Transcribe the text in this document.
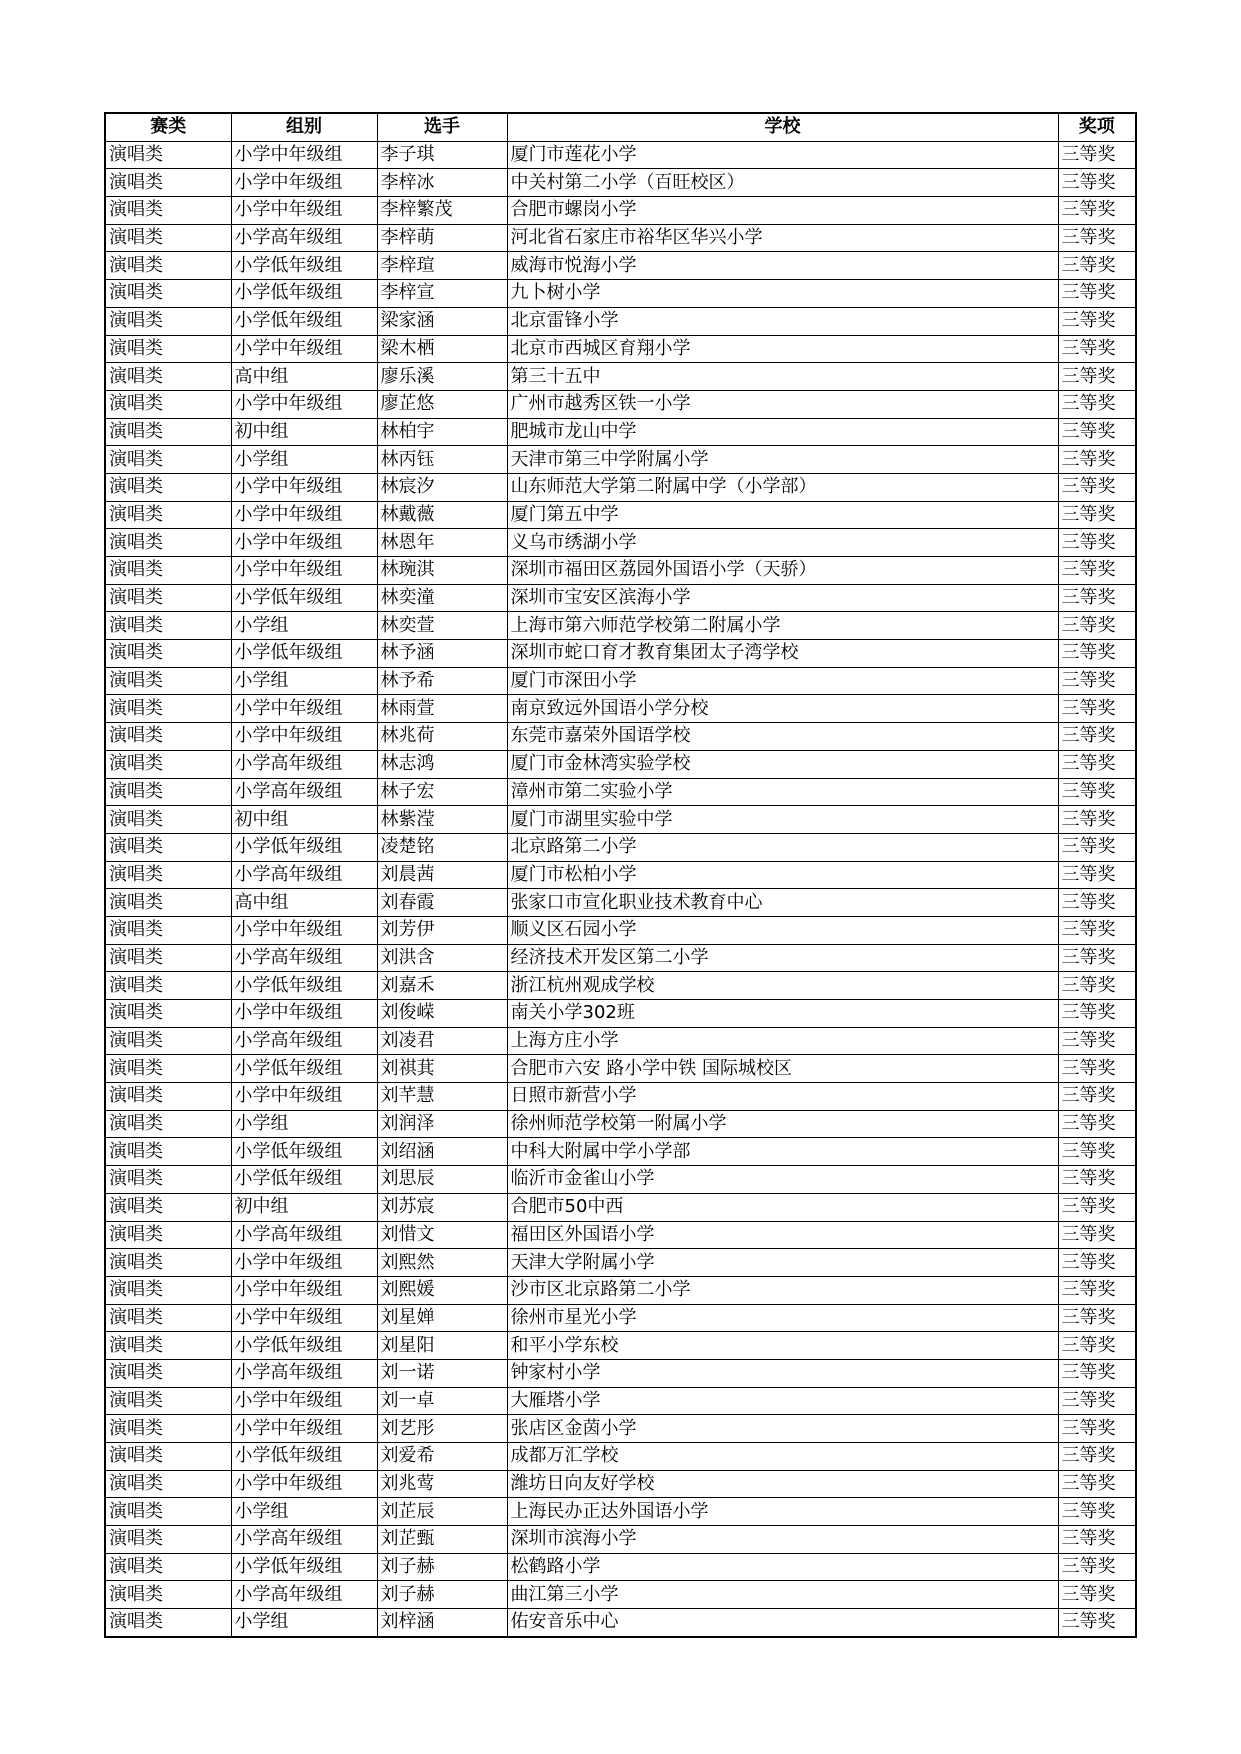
赛类	组别	选手	学校	奖项
演唱类	小学中年级组	李子琪	厦门市莲花小学	三等奖
演唱类	小学中年级组	李梓冰	中关村第二小学（百旺校区）	三等奖
演唱类	小学中年级组	李梓繁茂	合肥市螺岗小学	三等奖
演唱类	小学高年级组	李梓萌	河北省石家庄市裕华区华兴小学	三等奖
演唱类	小学低年级组	李梓瑄	威海市悦海小学	三等奖
演唱类	小学低年级组	李梓宣	九卜树小学	三等奖
演唱类	小学低年级组	梁家涵	北京雷锋小学	三等奖
演唱类	小学中年级组	梁木栖	北京市西城区育翔小学	三等奖
演唱类	高中组	廖乐溪	第三十五中	三等奖
演唱类	小学中年级组	廖芷悠	广州市越秀区铁一小学	三等奖
演唱类	初中组	林柏宇	肥城市龙山中学	三等奖
演唱类	小学组	林丙钰	天津市第三中学附属小学	三等奖
演唱类	小学中年级组	林宸汐	山东师范大学第二附属中学（小学部）	三等奖
演唱类	小学中年级组	林戴薇	厦门第五中学	三等奖
演唱类	小学中年级组	林恩年	义乌市绣湖小学	三等奖
演唱类	小学中年级组	林琬淇	深圳市福田区荔园外国语小学（天骄）	三等奖
演唱类	小学低年级组	林奕潼	深圳市宝安区滨海小学	三等奖
演唱类	小学组	林奕萱	上海市第六师范学校第二附属小学	三等奖
演唱类	小学低年级组	林予涵	深圳市蛇口育才教育集团太子湾学校	三等奖
演唱类	小学组	林予希	厦门市深田小学	三等奖
演唱类	小学中年级组	林雨萱	南京致远外国语小学分校	三等奖
演唱类	小学中年级组	林兆荷	东莞市嘉荣外国语学校	三等奖
演唱类	小学高年级组	林志鸿	厦门市金林湾实验学校	三等奖
演唱类	小学高年级组	林子宏	漳州市第二实验小学	三等奖
演唱类	初中组	林紫滢	厦门市湖里实验中学	三等奖
演唱类	小学低年级组	凌楚铭	北京路第二小学	三等奖
演唱类	小学高年级组	刘晨茜	厦门市松柏小学	三等奖
演唱类	高中组	刘春霞	张家口市宣化职业技术教育中心	三等奖
演唱类	小学中年级组	刘芳伊	顺义区石园小学	三等奖
演唱类	小学高年级组	刘洪含	经济技术开发区第二小学	三等奖
演唱类	小学低年级组	刘嘉禾	浙江杭州观成学校	三等奖
演唱类	小学中年级组	刘俊嵘	南关小学302班	三等奖
演唱类	小学高年级组	刘凌君	上海方庄小学	三等奖
演唱类	小学低年级组	刘祺萁	合肥市六安 路小学中铁 国际城校区	三等奖
演唱类	小学中年级组	刘芊慧	日照市新营小学	三等奖
演唱类	小学组	刘润泽	徐州师范学校第一附属小学	三等奖
演唱类	小学低年级组	刘绍涵	中科大附属中学小学部	三等奖
演唱类	小学低年级组	刘思辰	临沂市金雀山小学	三等奖
演唱类	初中组	刘苏宸	合肥市50中西	三等奖
演唱类	小学高年级组	刘惜文	福田区外国语小学	三等奖
演唱类	小学中年级组	刘熙然	天津大学附属小学	三等奖
演唱类	小学中年级组	刘熙媛	沙市区北京路第二小学	三等奖
演唱类	小学中年级组	刘星婵	徐州市星光小学	三等奖
演唱类	小学低年级组	刘星阳	和平小学东校	三等奖
演唱类	小学高年级组	刘一诺	钟家村小学	三等奖
演唱类	小学中年级组	刘一卓	大雁塔小学	三等奖
演唱类	小学中年级组	刘艺彤	张店区金茵小学	三等奖
演唱类	小学低年级组	刘爱希	成都万汇学校	三等奖
演唱类	小学中年级组	刘兆莺	潍坊日向友好学校	三等奖
演唱类	小学组	刘芷辰	上海民办正达外国语小学	三等奖
演唱类	小学高年级组	刘芷甄	深圳市滨海小学	三等奖
演唱类	小学低年级组	刘子赫	松鹤路小学	三等奖
演唱类	小学高年级组	刘子赫	曲江第三小学	三等奖
演唱类	小学组	刘梓涵	佑安音乐中心	三等奖
